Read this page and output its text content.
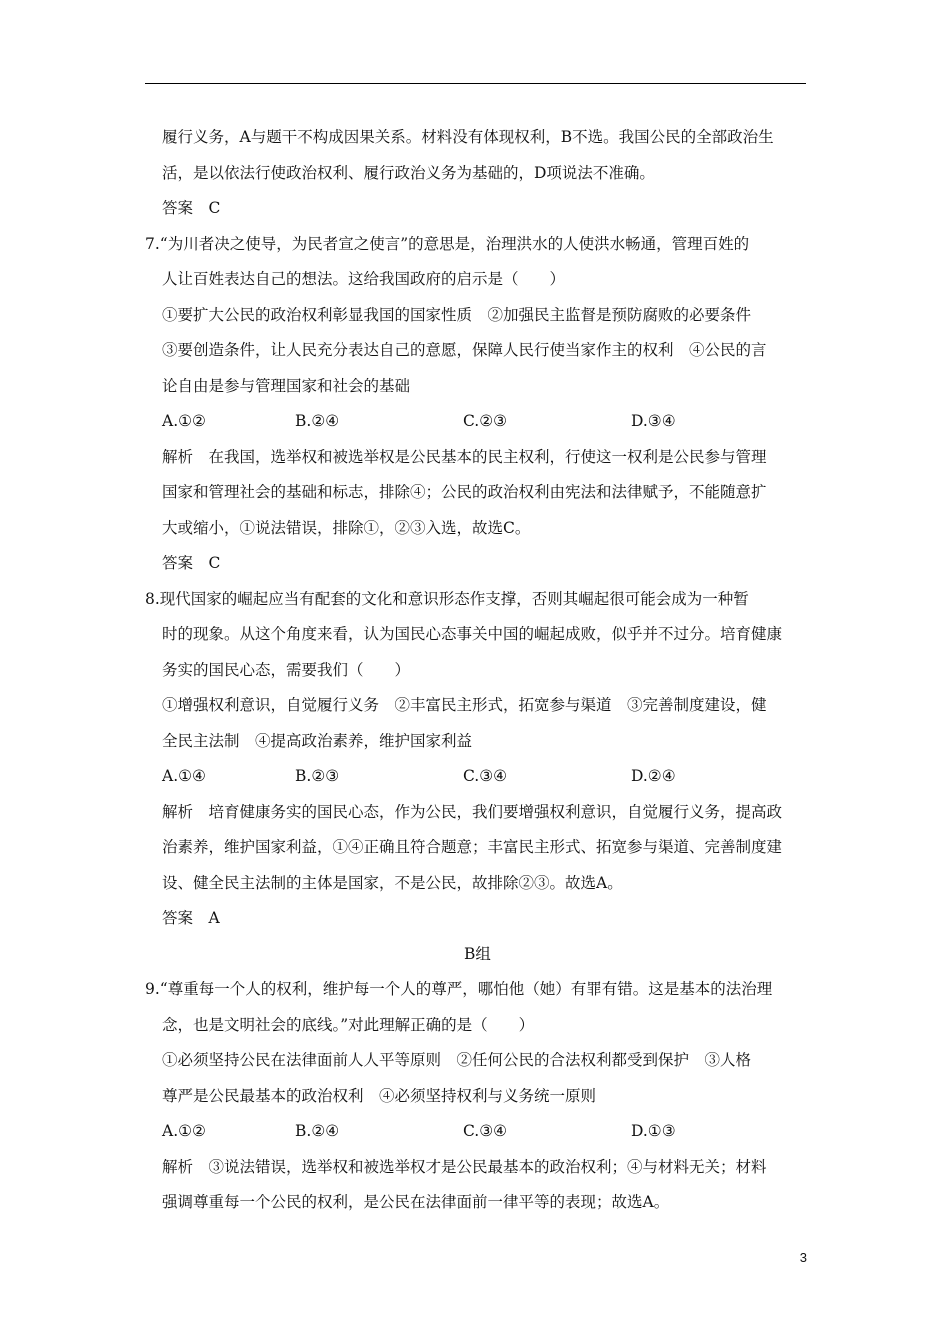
履行义务，A与题干不构成因果关系。材料没有体现权利，B不选。我国公民的全部政治生
活，是以依法行使政治权利、履行政治义务为基础的，D项说法不准确。
答案　C
7.“为川者决之使导，为民者宣之使言”的意思是，治理洪水的人使洪水畅通，管理百姓的
人让百姓表达自己的想法。这给我国政府的启示是（　　）
①要扩大公民的政治权利彰显我国的国家性质　②加强民主监督是预防腐败的必要条件
③要创造条件，让人民充分表达自己的意愿，保障人民行使当家作主的权利　④公民的言
论自由是参与管理国家和社会的基础
A.①②	B.②④	C.②③	D.③④
解析　在我国，选举权和被选举权是公民基本的民主权利，行使这一权利是公民参与管理
国家和管理社会的基础和标志，排除④；公民的政治权利由宪法和法律赋予，不能随意扩
大或缩小，①说法错误，排除①，②③入选，故选C。
答案　C
8.现代国家的崛起应当有配套的文化和意识形态作支撑，否则其崛起很可能会成为一种暂
时的现象。从这个角度来看，认为国民心态事关中国的崛起成败，似乎并不过分。培育健康
务实的国民心态，需要我们（　　）
①增强权利意识，自觉履行义务　②丰富民主形式，拓宽参与渠道　③完善制度建设，健
全民主法制　④提高政治素养，维护国家利益
A.①④	B.②③	C.③④	D.②④
解析　培育健康务实的国民心态，作为公民，我们要增强权利意识，自觉履行义务，提高政
治素养，维护国家利益，①④正确且符合题意；丰富民主形式、拓宽参与渠道、完善制度建
设、健全民主法制的主体是国家，不是公民，故排除②③。故选A。
答案　A
B组
9.“尊重每一个人的权利，维护每一个人的尊严，哪怕他（她）有罪有错。这是基本的法治理
念，也是文明社会的底线。”对此理解正确的是（　　）
①必须坚持公民在法律面前人人平等原则　②任何公民的合法权利都受到保护　③人格
尊严是公民最基本的政治权利　④必须坚持权利与义务统一原则
A.①②	B.②④	C.③④	D.①③
解析　③说法错误，选举权和被选举权才是公民最基本的政治权利；④与材料无关；材料
强调尊重每一个公民的权利，是公民在法律面前一律平等的表现；故选A。
3
